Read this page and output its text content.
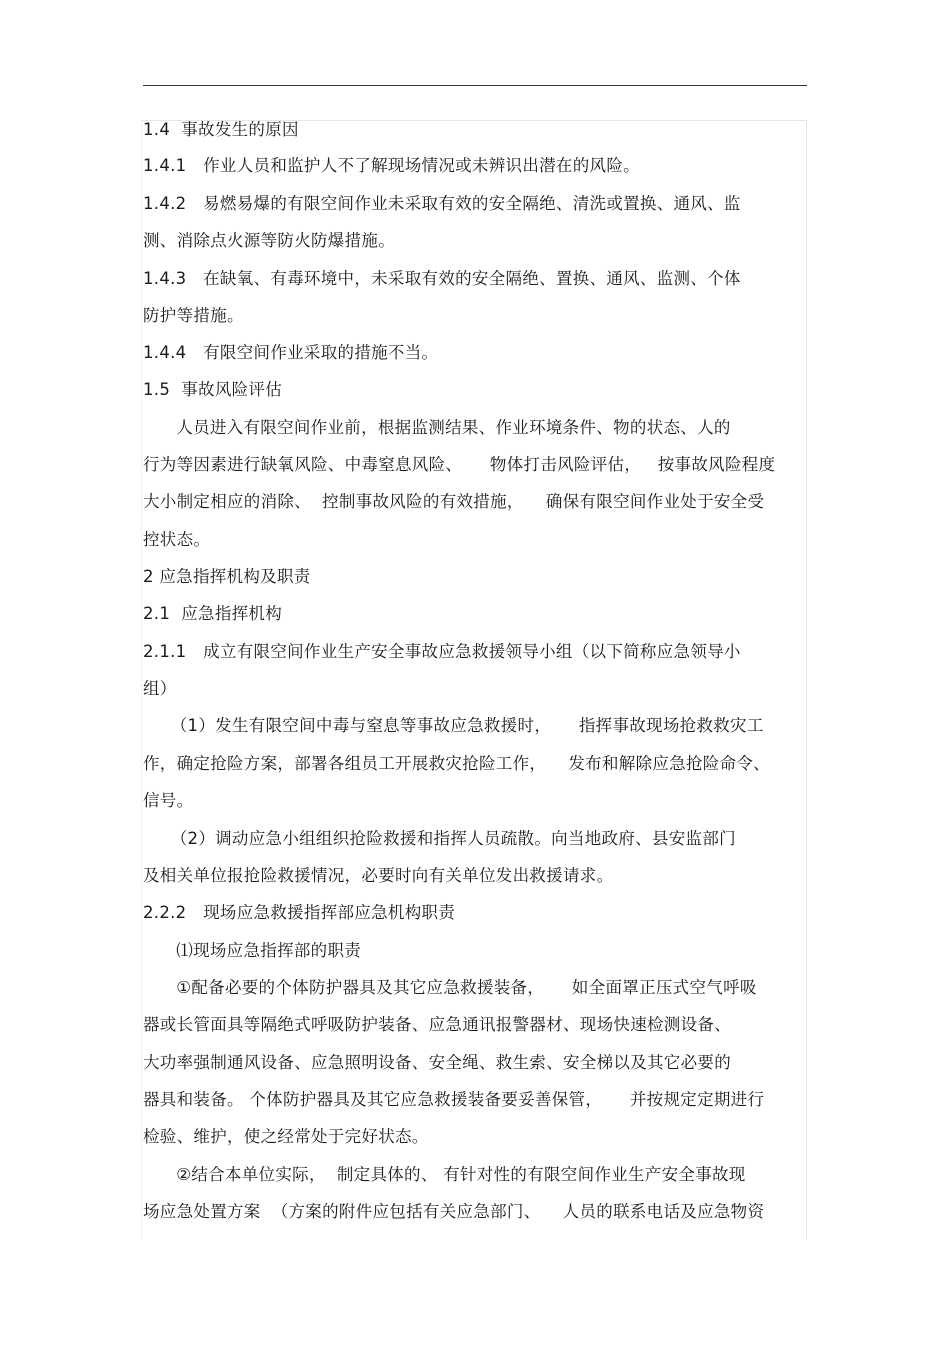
1.4  事故发生的原因
1.4.1   作业人员和监护人不了解现场情况或未辨识出潜在的风险。
1.4.2   易燃易爆的有限空间作业未采取有效的安全隔绝、清洗或置换、通风、监
测、消除点火源等防火防爆措施。
1.4.3   在缺氧、有毒环境中，未采取有效的安全隔绝、置换、通风、监测、个体
防护等措施。
1.4.4   有限空间作业采取的措施不当。
1.5  事故风险评估
人员进入有限空间作业前，根据监测结果、作业环境条件、物的状态、人的
行为等因素进行缺氧风险、中毒窒息风险、     物体打击风险评估，   按事故风险程度
大小制定相应的消除、  控制事故风险的有效措施，    确保有限空间作业处于安全受
控状态。
2 应急指挥机构及职责
2.1  应急指挥机构
2.1.1   成立有限空间作业生产安全事故应急救援领导小组（以下简称应急领导小
组）
（1）发生有限空间中毒与窒息等事故应急救援时，     指挥事故现场抢救救灾工
作，确定抢险方案，部署各组员工开展救灾抢险工作，    发布和解除应急抢险命令、
信号。
（2）调动应急小组组织抢险救援和指挥人员疏散。向当地政府、县安监部门
及相关单位报抢险救援情况，必要时向有关单位发出救援请求。
2.2.2   现场应急救援指挥部应急机构职责
⑴现场应急指挥部的职责
①配备必要的个体防护器具及其它应急救援装备，     如全面罩正压式空气呼吸
器或长管面具等隔绝式呼吸防护装备、应急通讯报警器材、现场快速检测设备、
大功率强制通风设备、应急照明设备、安全绳、救生索、安全梯以及其它必要的
器具和装备。 个体防护器具及其它应急救援装备要妥善保管，     并按规定定期进行
检验、维护，使之经常处于完好状态。
②结合本单位实际，  制定具体的、 有针对性的有限空间作业生产安全事故现
场应急处置方案  （方案的附件应包括有关应急部门、    人员的联系电话及应急物资
